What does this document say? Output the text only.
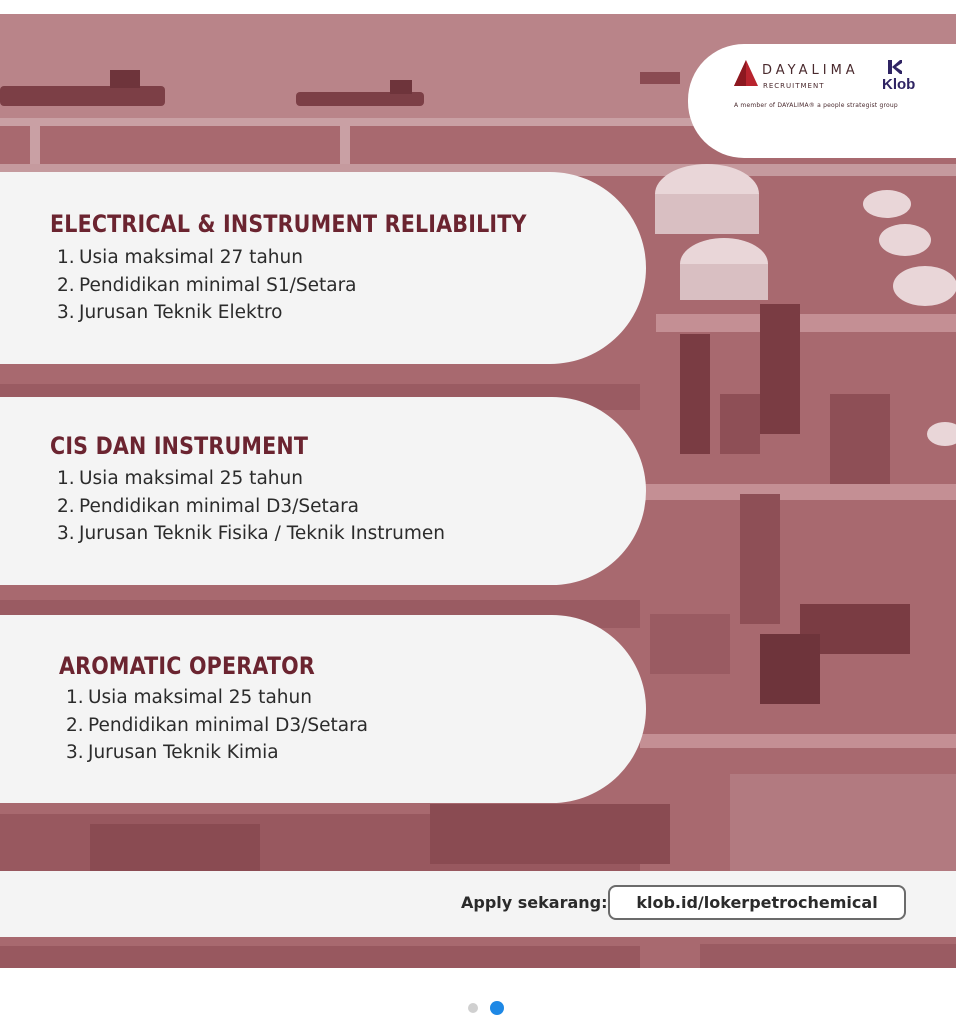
DAYALIMA
RECRUITMENT	Klob
A member of DAYALIMA® a people strategist group
ELECTRICAL & INSTRUMENT RELIABILITY
1. Usia maksimal 27 tahun
2. Pendidikan minimal S1/Setara
3. Jurusan Teknik Elektro
CIS DAN INSTRUMENT
1. Usia maksimal 25 tahun
2. Pendidikan minimal D3/Setara
3. Jurusan Teknik Fisika / Teknik Instrumen
AROMATIC OPERATOR
1. Usia maksimal 25 tahun
2. Pendidikan minimal D3/Setara
3. Jurusan Teknik Kimia
Apply sekarang:	klob.id/lokerpetrochemical
